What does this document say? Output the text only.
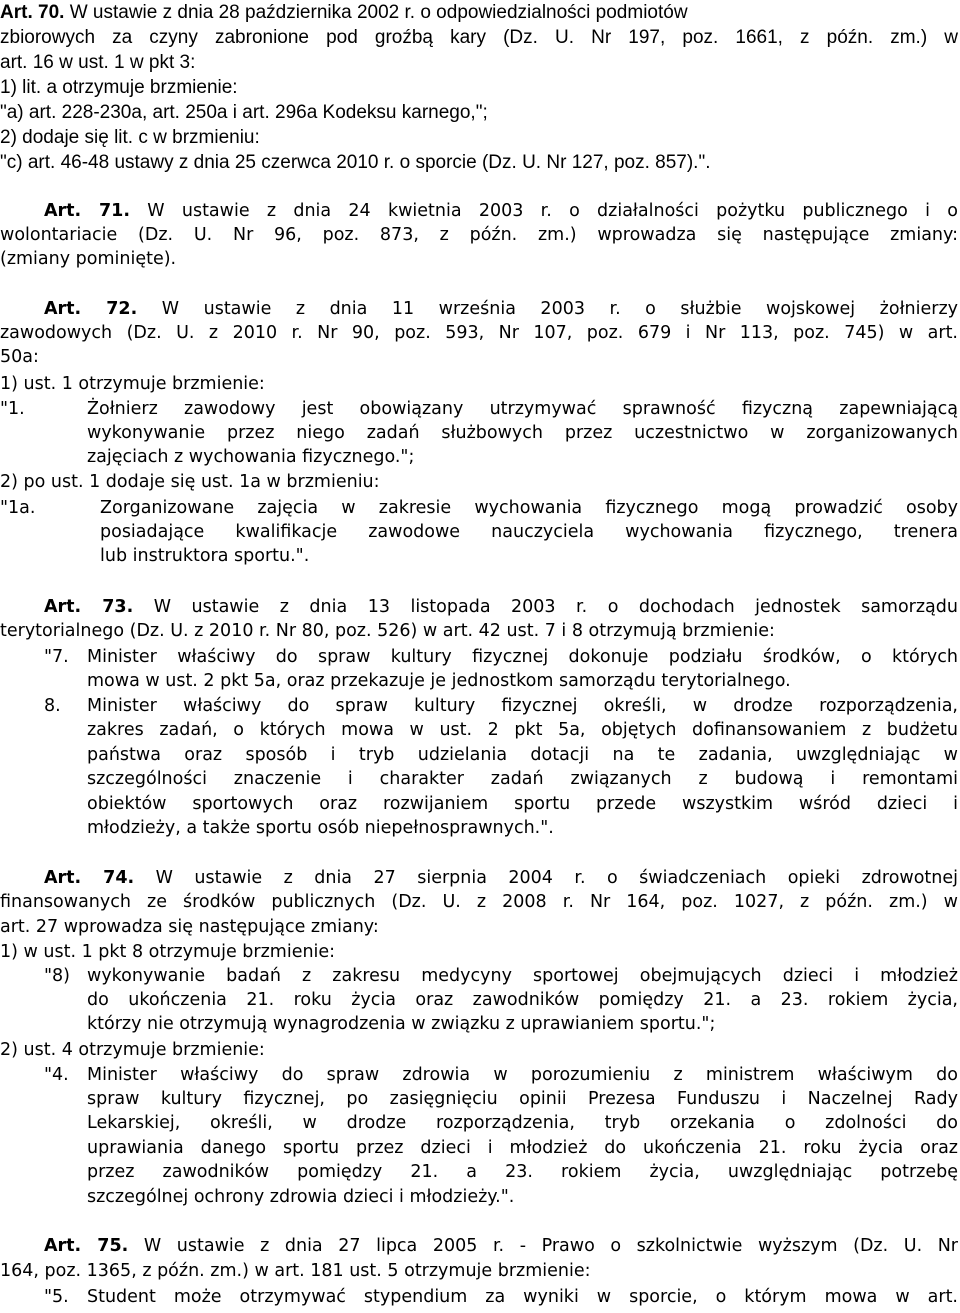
Art. 70. W ustawie z dnia 28 października 2002 r. o odpowiedzialności podmiotów
zbiorowych za czyny zabronione pod groźbą kary (Dz. U. Nr 197, poz. 1661, z późn. zm.) w
art. 16 w ust. 1 w pkt 3:
1) lit. a otrzymuje brzmienie:
"a) art. 228-230a, art. 250a i art. 296a Kodeksu karnego,";
2) dodaje się lit. c w brzmieniu:
"c) art. 46-48 ustawy z dnia 25 czerwca 2010 r. o sporcie (Dz. U. Nr 127, poz. 857).".
Art. 71. W ustawie z dnia 24 kwietnia 2003 r. o działalności pożytku publicznego i o
wolontariacie (Dz. U. Nr 96, poz. 873, z późn. zm.) wprowadza się następujące zmiany:
(zmiany pominięte).
Art. 72. W ustawie z dnia 11 września 2003 r. o służbie wojskowej żołnierzy
zawodowych (Dz. U. z 2010 r. Nr 90, poz. 593, Nr 107, poz. 679 i Nr 113, poz. 745) w art.
50a:
1) ust. 1 otrzymuje brzmienie:
"1.	Żołnierz zawodowy jest obowiązany utrzymywać sprawność fizyczną zapewniającą
wykonywanie przez niego zadań służbowych przez uczestnictwo w zorganizowanych
zajęciach z wychowania fizycznego.";
2) po ust. 1 dodaje się ust. 1a w brzmieniu:
"1a.	Zorganizowane zajęcia w zakresie wychowania fizycznego mogą prowadzić osoby
posiadające kwalifikacje zawodowe nauczyciela wychowania fizycznego, trenera
lub instruktora sportu.".
Art. 73. W ustawie z dnia 13 listopada 2003 r. o dochodach jednostek samorządu
terytorialnego (Dz. U. z 2010 r. Nr 80, poz. 526) w art. 42 ust. 7 i 8 otrzymują brzmienie:
"7. Minister właściwy do spraw kultury fizycznej dokonuje podziału środków, o których
mowa w ust. 2 pkt 5a, oraz przekazuje je jednostkom samorządu terytorialnego.
8. Minister właściwy do spraw kultury fizycznej określi, w drodze rozporządzenia,
zakres zadań, o których mowa w ust. 2 pkt 5a, objętych dofinansowaniem z budżetu
państwa oraz sposób i tryb udzielania dotacji na te zadania, uwzględniając w
szczególności znaczenie i charakter zadań związanych z budową i remontami
obiektów sportowych oraz rozwijaniem sportu przede wszystkim wśród dzieci i
młodzieży, a także sportu osób niepełnosprawnych.".
Art. 74. W ustawie z dnia 27 sierpnia 2004 r. o świadczeniach opieki zdrowotnej
finansowanych ze środków publicznych (Dz. U. z 2008 r. Nr 164, poz. 1027, z późn. zm.) w
art. 27 wprowadza się następujące zmiany:
1) w ust. 1 pkt 8 otrzymuje brzmienie:
"8) wykonywanie badań z zakresu medycyny sportowej obejmujących dzieci i młodzież
do ukończenia 21. roku życia oraz zawodników pomiędzy 21. a 23. rokiem życia,
którzy nie otrzymują wynagrodzenia w związku z uprawianiem sportu.";
2) ust. 4 otrzymuje brzmienie:
"4. Minister właściwy do spraw zdrowia w porozumieniu z ministrem właściwym do
spraw kultury fizycznej, po zasięgnięciu opinii Prezesa Funduszu i Naczelnej Rady
Lekarskiej, określi, w drodze rozporządzenia, tryb orzekania o zdolności do
uprawiania danego sportu przez dzieci i młodzież do ukończenia 21. roku życia oraz
przez zawodników pomiędzy 21. a 23. rokiem życia, uwzględniając potrzebę
szczególnej ochrony zdrowia dzieci i młodzieży.".
Art. 75. W ustawie z dnia 27 lipca 2005 r. - Prawo o szkolnictwie wyższym (Dz. U. Nr
164, poz. 1365, z późn. zm.) w art. 181 ust. 5 otrzymuje brzmienie:
"5. Student może otrzymywać stypendium za wyniki w sporcie, o którym mowa w art.
